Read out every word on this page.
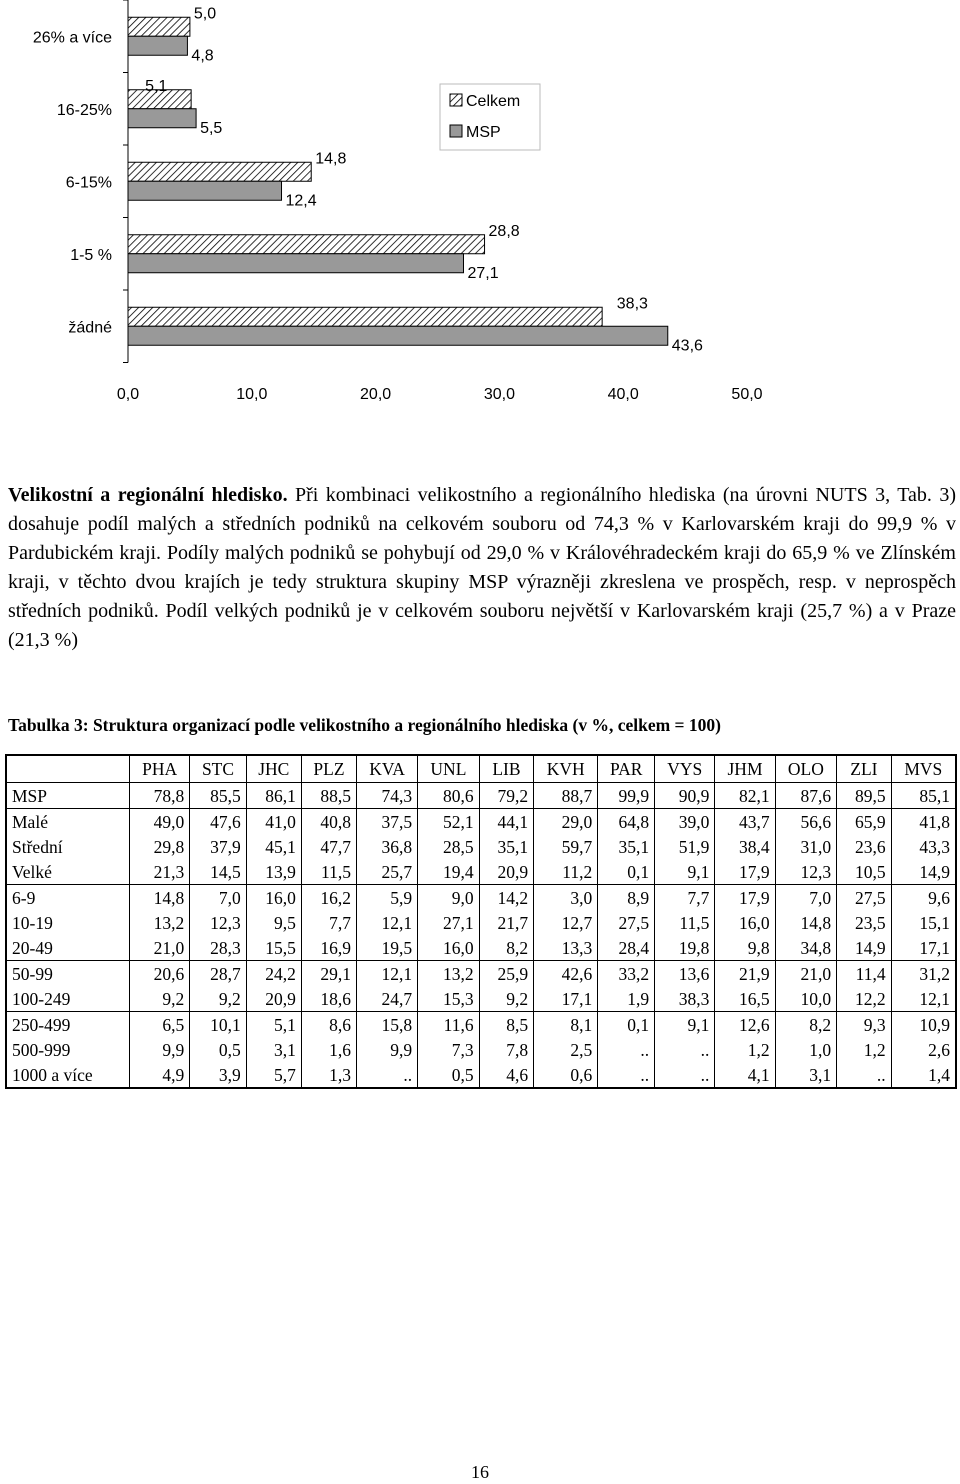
26% a více
5,0
4,8
16-25%
5,1
5,5
6-15%
14,8
12,4
1-5 %
28,8
27,1
žádné
38,3
43,6
0,0	10,0	20,0	30,0	40,0	50,0
Celkem
MSP

Velikostní a regionální hledisko. Při kombinaci velikostního a regionálního hlediska (na úrovni NUTS 3, Tab. 3) dosahuje podíl malých a středních podniků na celkovém souboru od 74,3 % v Karlovarském kraji do 99,9 % v Pardubickém kraji. Podíly malých podniků se pohybují od 29,0 % v Královéhradeckém kraji do 65,9 % ve Zlínském kraji, v těchto dvou krajích je tedy struktura skupiny MSP výrazněji zkreslena ve prospěch, resp. v neprospěch středních podniků. Podíl velkých podniků je v celkovém souboru největší v Karlovarském kraji (25,7 %) a v Praze (21,3 %)

Tabulka 3: Struktura organizací podle velikostního a regionálního hlediska (v %, celkem = 100)
	PHA	STC	JHC	PLZ	KVA	UNL	LIB	KVH	PAR	VYS	JHM	OLO	ZLI	MVS
MSP	78,8	85,5	86,1	88,5	74,3	80,6	79,2	88,7	99,9	90,9	82,1	87,6	89,5	85,1
Malé	49,0	47,6	41,0	40,8	37,5	52,1	44,1	29,0	64,8	39,0	43,7	56,6	65,9	41,8
Střední	29,8	37,9	45,1	47,7	36,8	28,5	35,1	59,7	35,1	51,9	38,4	31,0	23,6	43,3
Velké	21,3	14,5	13,9	11,5	25,7	19,4	20,9	11,2	0,1	9,1	17,9	12,3	10,5	14,9
6-9	14,8	7,0	16,0	16,2	5,9	9,0	14,2	3,0	8,9	7,7	17,9	7,0	27,5	9,6
10-19	13,2	12,3	9,5	7,7	12,1	27,1	21,7	12,7	27,5	11,5	16,0	14,8	23,5	15,1
20-49	21,0	28,3	15,5	16,9	19,5	16,0	8,2	13,3	28,4	19,8	9,8	34,8	14,9	17,1
50-99	20,6	28,7	24,2	29,1	12,1	13,2	25,9	42,6	33,2	13,6	21,9	21,0	11,4	31,2
100-249	9,2	9,2	20,9	18,6	24,7	15,3	9,2	17,1	1,9	38,3	16,5	10,0	12,2	12,1
250-499	6,5	10,1	5,1	8,6	15,8	11,6	8,5	8,1	0,1	9,1	12,6	8,2	9,3	10,9
500-999	9,9	0,5	3,1	1,6	9,9	7,3	7,8	2,5	..	..	1,2	1,0	1,2	2,6
1000 a více	4,9	3,9	5,7	1,3	..	0,5	4,6	0,6	..	..	4,1	3,1	..	1,4
16
